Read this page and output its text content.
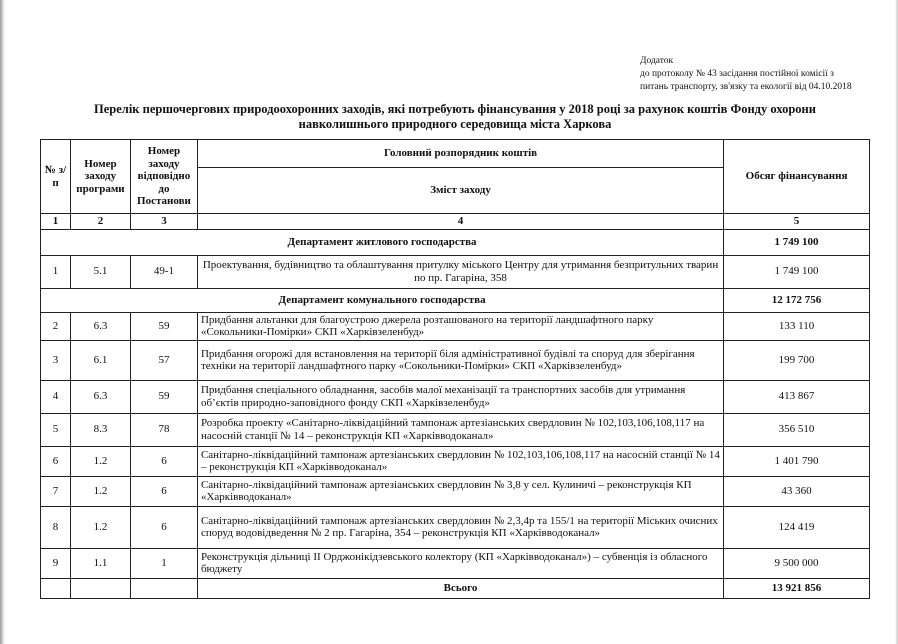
Додаток
до протоколу № 43 засідання постійної комісії з
питань транспорту, зв'язку та екології від 04.10.2018
Перелік першочергових природоохоронних заходів, які потребують фінансування у 2018 році за рахунок коштів Фонду охорони
навколишнього природного середовища міста Харкова
№ з/п	Номер заходу програми	Номер заходу відповідно до Постанови	Головний розпорядник коштів	Обсяг фінансування
			Зміст заходу	
1	2	3	4	5
Департамент житлового господарства				1 749 100
1	5.1	49-1	Проектування, будівництво та облаштування притулку міського Центру для утримання безпритульних тварин по пр. Гагаріна, 358	1 749 100
Департамент комунального господарства				12 172 756
2	6.3	59	Придбання альтанки для благоустрою джерела розташованого на території ландшафтного парку «Сокольники-Помірки» СКП «Харківзеленбуд»	133 110
3	6.1	57	Придбання огорожі для встановлення на території біля адміністративної будівлі та споруд для зберігання техніки на території ландшафтного парку «Сокольники-Помірки» СКП «Харківзеленбуд»	199 700
4	6.3	59	Придбання спеціального обладнання, засобів малої механізації та транспортних засобів для утримання об’єктів природно-заповідного фонду СКП «Харківзеленбуд»	413 867
5	8.3	78	Розробка проекту «Санітарно-ліквідаційний тампонаж артезіанських свердловин № 102,103,106,108,117 на насосній станції № 14 – реконструкція КП «Харківводоканал»	356 510
6	1.2	6	Санітарно-ліквідаційний тампонаж артезіанських свердловин № 102,103,106,108,117 на насосній станції № 14 – реконструкція КП «Харківводоканал»	1 401 790
7	1.2	6	Санітарно-ліквідаційний тампонаж артезіанських свердловин № 3,8 у сел. Кулиничі – реконструкція КП «Харківводоканал»	43 360
8	1.2	6	Санітарно-ліквідаційний тампонаж артезіанських свердловин № 2,3,4р та 155/1 на території Міських очисних споруд водовідведення № 2 пр. Гагаріна, 354 – реконструкція КП «Харківводоканал»	124 419
9	1.1	1	Реконструкція дільниці ІІ Орджонікідзевського колектору (КП «Харківводоканал») – субвенція із обласного бюджету	9 500 000
			Всього	13 921 856
